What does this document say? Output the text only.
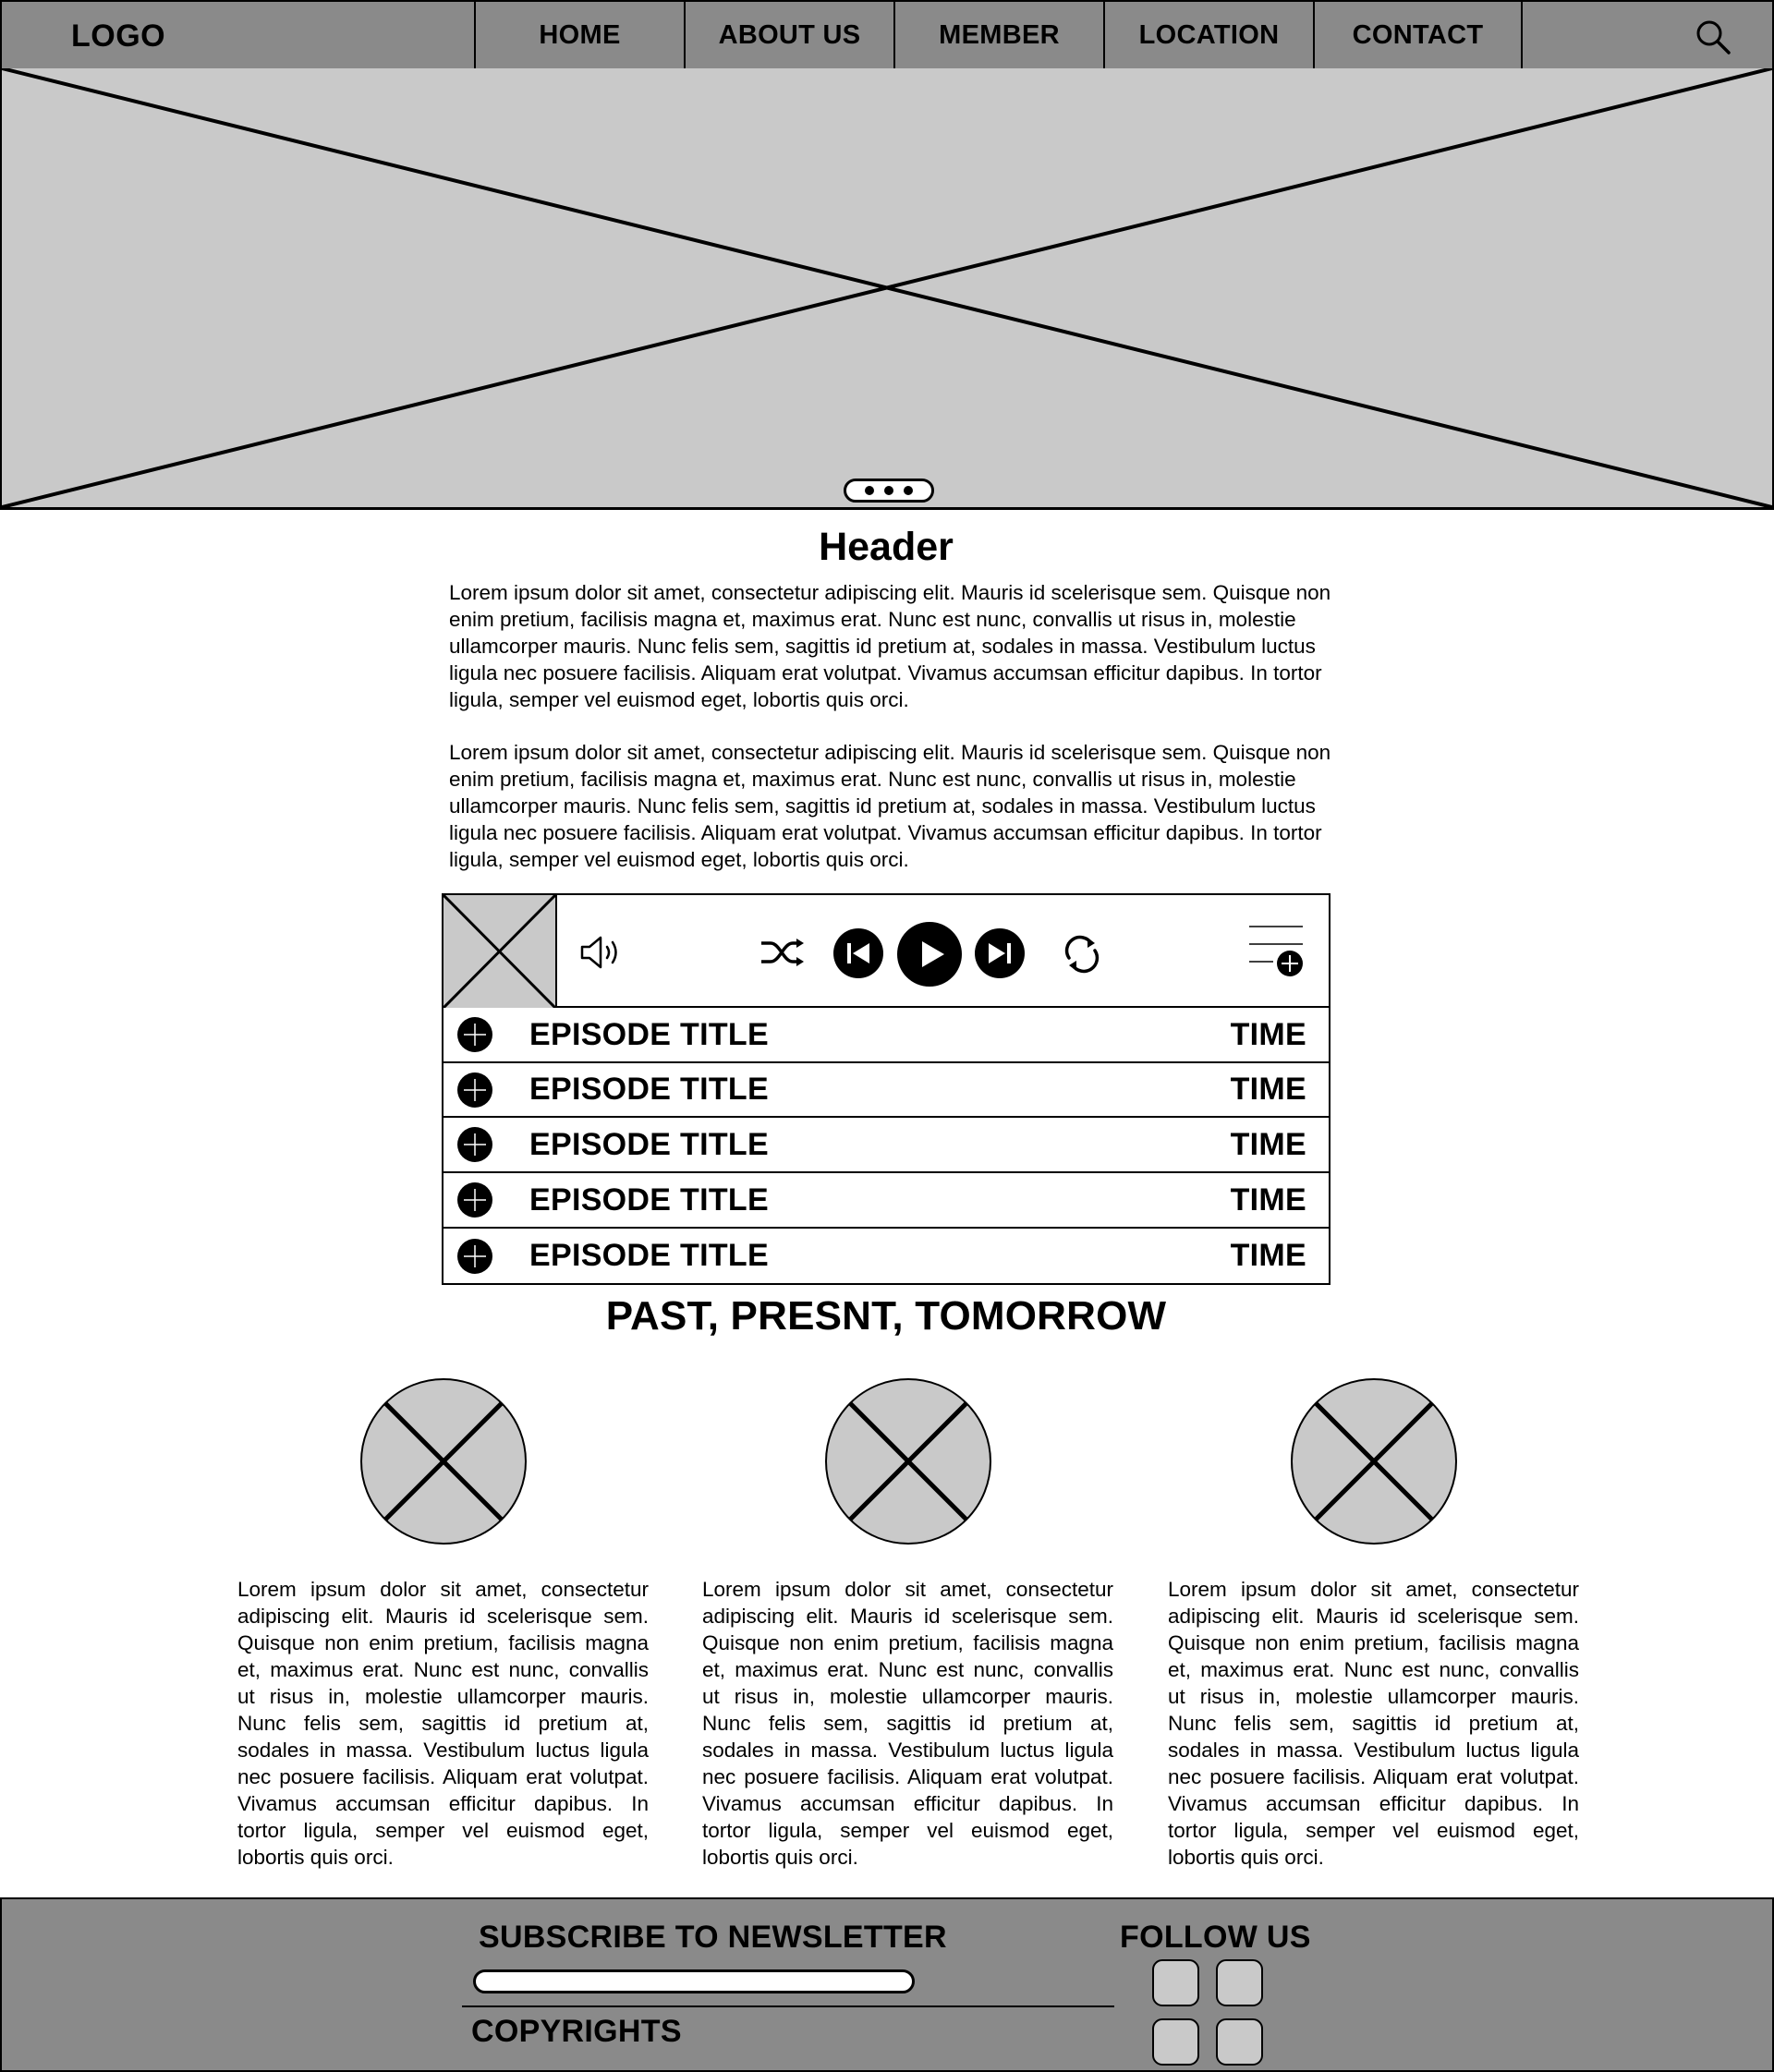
LOGO	HOME	ABOUT US	MEMBER	LOCATION	CONTACT
Header
Lorem ipsum dolor sit amet, consectetur adipiscing elit. Mauris id scelerisque sem. Quisque non enim pretium, facilisis magna et, maximus erat. Nunc est nunc, convallis ut risus in, molestie ullamcorper mauris. Nunc felis sem, sagittis id pretium at, sodales in massa. Vestibulum luctus ligula nec posuere facilisis. Aliquam erat volutpat. Vivamus accumsan efficitur dapibus. In tortor ligula, semper vel euismod eget, lobortis quis orci.
Lorem ipsum dolor sit amet, consectetur adipiscing elit. Mauris id scelerisque sem. Quisque non enim pretium, facilisis magna et, maximus erat. Nunc est nunc, convallis ut risus in, molestie ullamcorper mauris. Nunc felis sem, sagittis id pretium at, sodales in massa. Vestibulum luctus ligula nec posuere facilisis. Aliquam erat volutpat. Vivamus accumsan efficitur dapibus. In tortor ligula, semper vel euismod eget, lobortis quis orci.
EPISODE TITLE	TIME
EPISODE TITLE	TIME
EPISODE TITLE	TIME
EPISODE TITLE	TIME
EPISODE TITLE	TIME
PAST, PRESNT, TOMORROW
Lorem ipsum dolor sit amet, consectetur adipiscing elit. Mauris id scelerisque sem. Quisque non enim pretium, facilisis magna et, maximus erat. Nunc est nunc, convallis ut risus in, molestie ullamcorper mauris. Nunc felis sem, sagittis id pretium at, sodales in massa. Vestibulum luctus ligula nec posuere facilisis. Aliquam erat volutpat. Vivamus accumsan efficitur dapibus. In tortor ligula, semper vel euismod eget, lobortis quis orci.
Lorem ipsum dolor sit amet, consectetur adipiscing elit. Mauris id scelerisque sem. Quisque non enim pretium, facilisis magna et, maximus erat. Nunc est nunc, convallis ut risus in, molestie ullamcorper mauris. Nunc felis sem, sagittis id pretium at, sodales in massa. Vestibulum luctus ligula nec posuere facilisis. Aliquam erat volutpat. Vivamus accumsan efficitur dapibus. In tortor ligula, semper vel euismod eget, lobortis quis orci.
Lorem ipsum dolor sit amet, consectetur adipiscing elit. Mauris id scelerisque sem. Quisque non enim pretium, facilisis magna et, maximus erat. Nunc est nunc, convallis ut risus in, molestie ullamcorper mauris. Nunc felis sem, sagittis id pretium at, sodales in massa. Vestibulum luctus ligula nec posuere facilisis. Aliquam erat volutpat. Vivamus accumsan efficitur dapibus. In tortor ligula, semper vel euismod eget, lobortis quis orci.
SUBSCRIBE TO NEWSLETTER
COPYRIGHTS
FOLLOW US
